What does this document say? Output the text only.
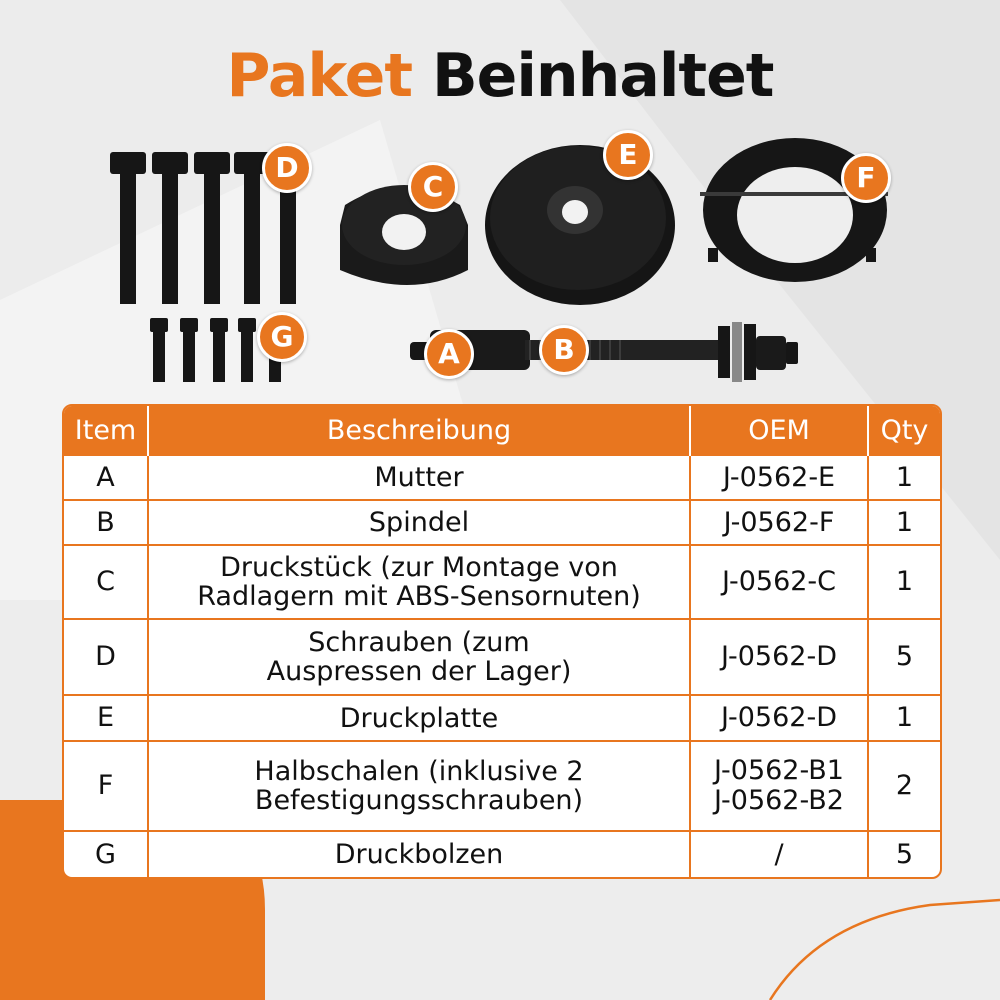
Paket Beinhaltet
D
C
E
F
G
A	B
Item	Beschreibung	OEM	Qty
A	Mutter	J-0562-E	1
B	Spindel	J-0562-F	1
C	Druckstück (zur Montage von
Radlagern mit ABS-Sensornuten)	J-0562-C	1
D	Schrauben (zum
Auspressen der Lager)	J-0562-D	5
E	Druckplatte	J-0562-D	1
F	Halbschalen (inklusive 2
Befestigungsschrauben)	J-0562-B1
J-0562-B2	2
G	Druckbolzen	/	5
